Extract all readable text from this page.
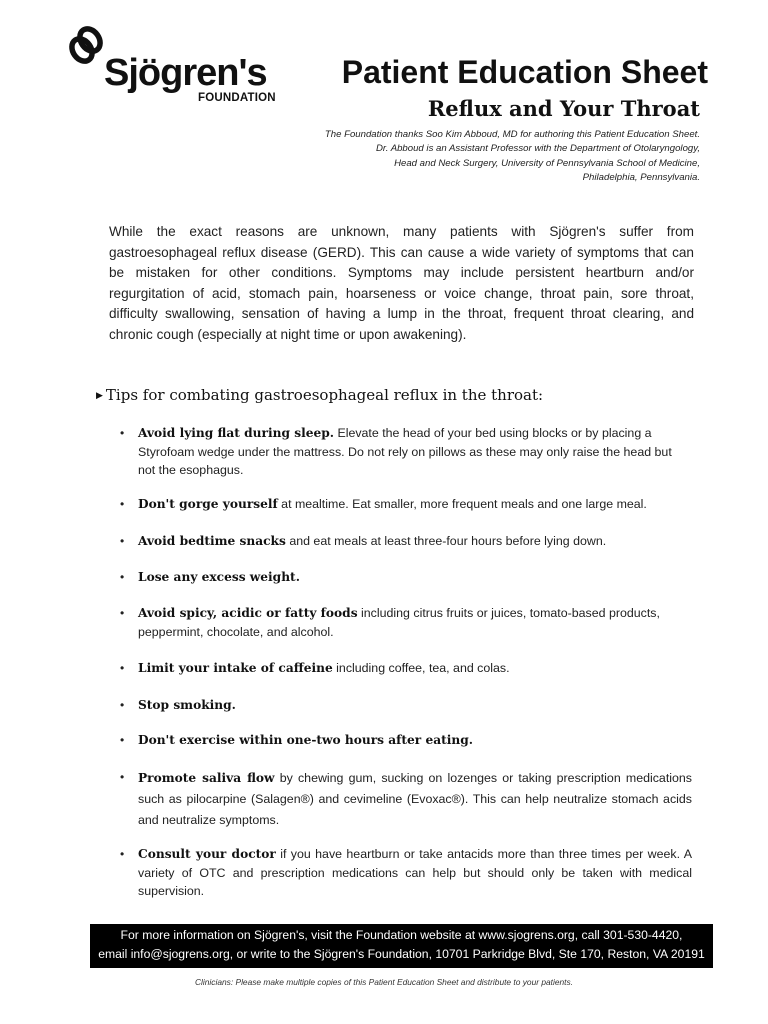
Sjögren's
FOUNDATION
Patient Education Sheet
Reflux and Your Throat
The Foundation thanks Soo Kim Abboud, MD for authoring this Patient Education Sheet.
Dr. Abboud is an Assistant Professor with the Department of Otolaryngology,
Head and Neck Surgery, University of Pennsylvania School of Medicine,
Philadelphia, Pennsylvania.

While the exact reasons are unknown, many patients with Sjögren's suffer from gastroesophageal reflux disease (GERD). This can cause a wide variety of symptoms that can be mistaken for other conditions. Symptoms may include persistent heartburn and/or regurgitation of acid, stomach pain, hoarseness or voice change, throat pain, sore throat, difficulty swallowing, sensation of having a lump in the throat, frequent throat clearing, and chronic cough (especially at night time or upon awakening).

▶ Tips for combating gastroesophageal reflux in the throat:
•	Avoid lying flat during sleep. Elevate the head of your bed using blocks or by placing a Styrofoam wedge under the mattress. Do not rely on pillows as these may only raise the head but not the esophagus.
•	Don't gorge yourself at mealtime. Eat smaller, more frequent meals and one large meal.
•	Avoid bedtime snacks and eat meals at least three-four hours before lying down.
•	Lose any excess weight.
•	Avoid spicy, acidic or fatty foods including citrus fruits or juices, tomato-based products, peppermint, chocolate, and alcohol.
•	Limit your intake of caffeine including coffee, tea, and colas.
•	Stop smoking.
•	Don't exercise within one-two hours after eating.
•	Promote saliva flow by chewing gum, sucking on lozenges or taking prescription medications such as pilocarpine (Salagen®) and cevimeline (Evoxac®). This can help neutralize stomach acids and neutralize symptoms.
•	Consult your doctor if you have heartburn or take antacids more than three times per week. A variety of OTC and prescription medications can help but should only be taken with medical supervision.
For more information on Sjögren's, visit the Foundation website at www.sjogrens.org, call 301-530-4420,
email info@sjogrens.org, or write to the Sjögren's Foundation, 10701 Parkridge Blvd, Ste 170, Reston, VA 20191
Clinicians: Please make multiple copies of this Patient Education Sheet and distribute to your patients.
